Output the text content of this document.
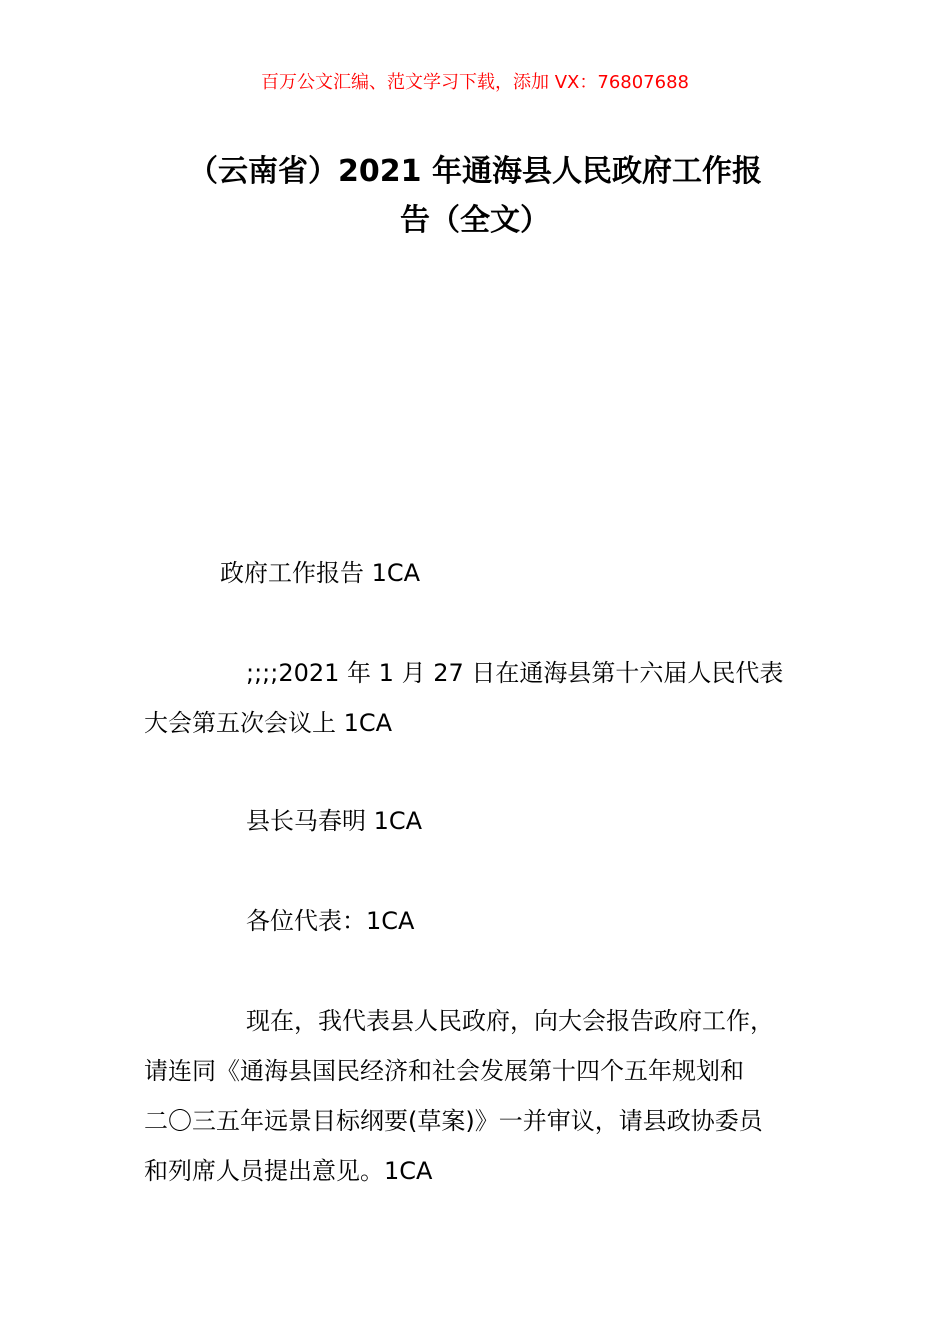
百万公文汇编、范文学习下载，添加 VX：76807688
（云南省）2021 年通海县人民政府工作报
告（全文）
政府工作报告 1CA
;;;;2021 年 1 月 27 日在通海县第十六届人民代表
大会第五次会议上 1CA
县长马春明 1CA
各位代表：1CA
现在，我代表县人民政府，向大会报告政府工作，
请连同《通海县国民经济和社会发展第十四个五年规划和
二〇三五年远景目标纲要(草案)》一并审议，请县政协委员
和列席人员提出意见。1CA
